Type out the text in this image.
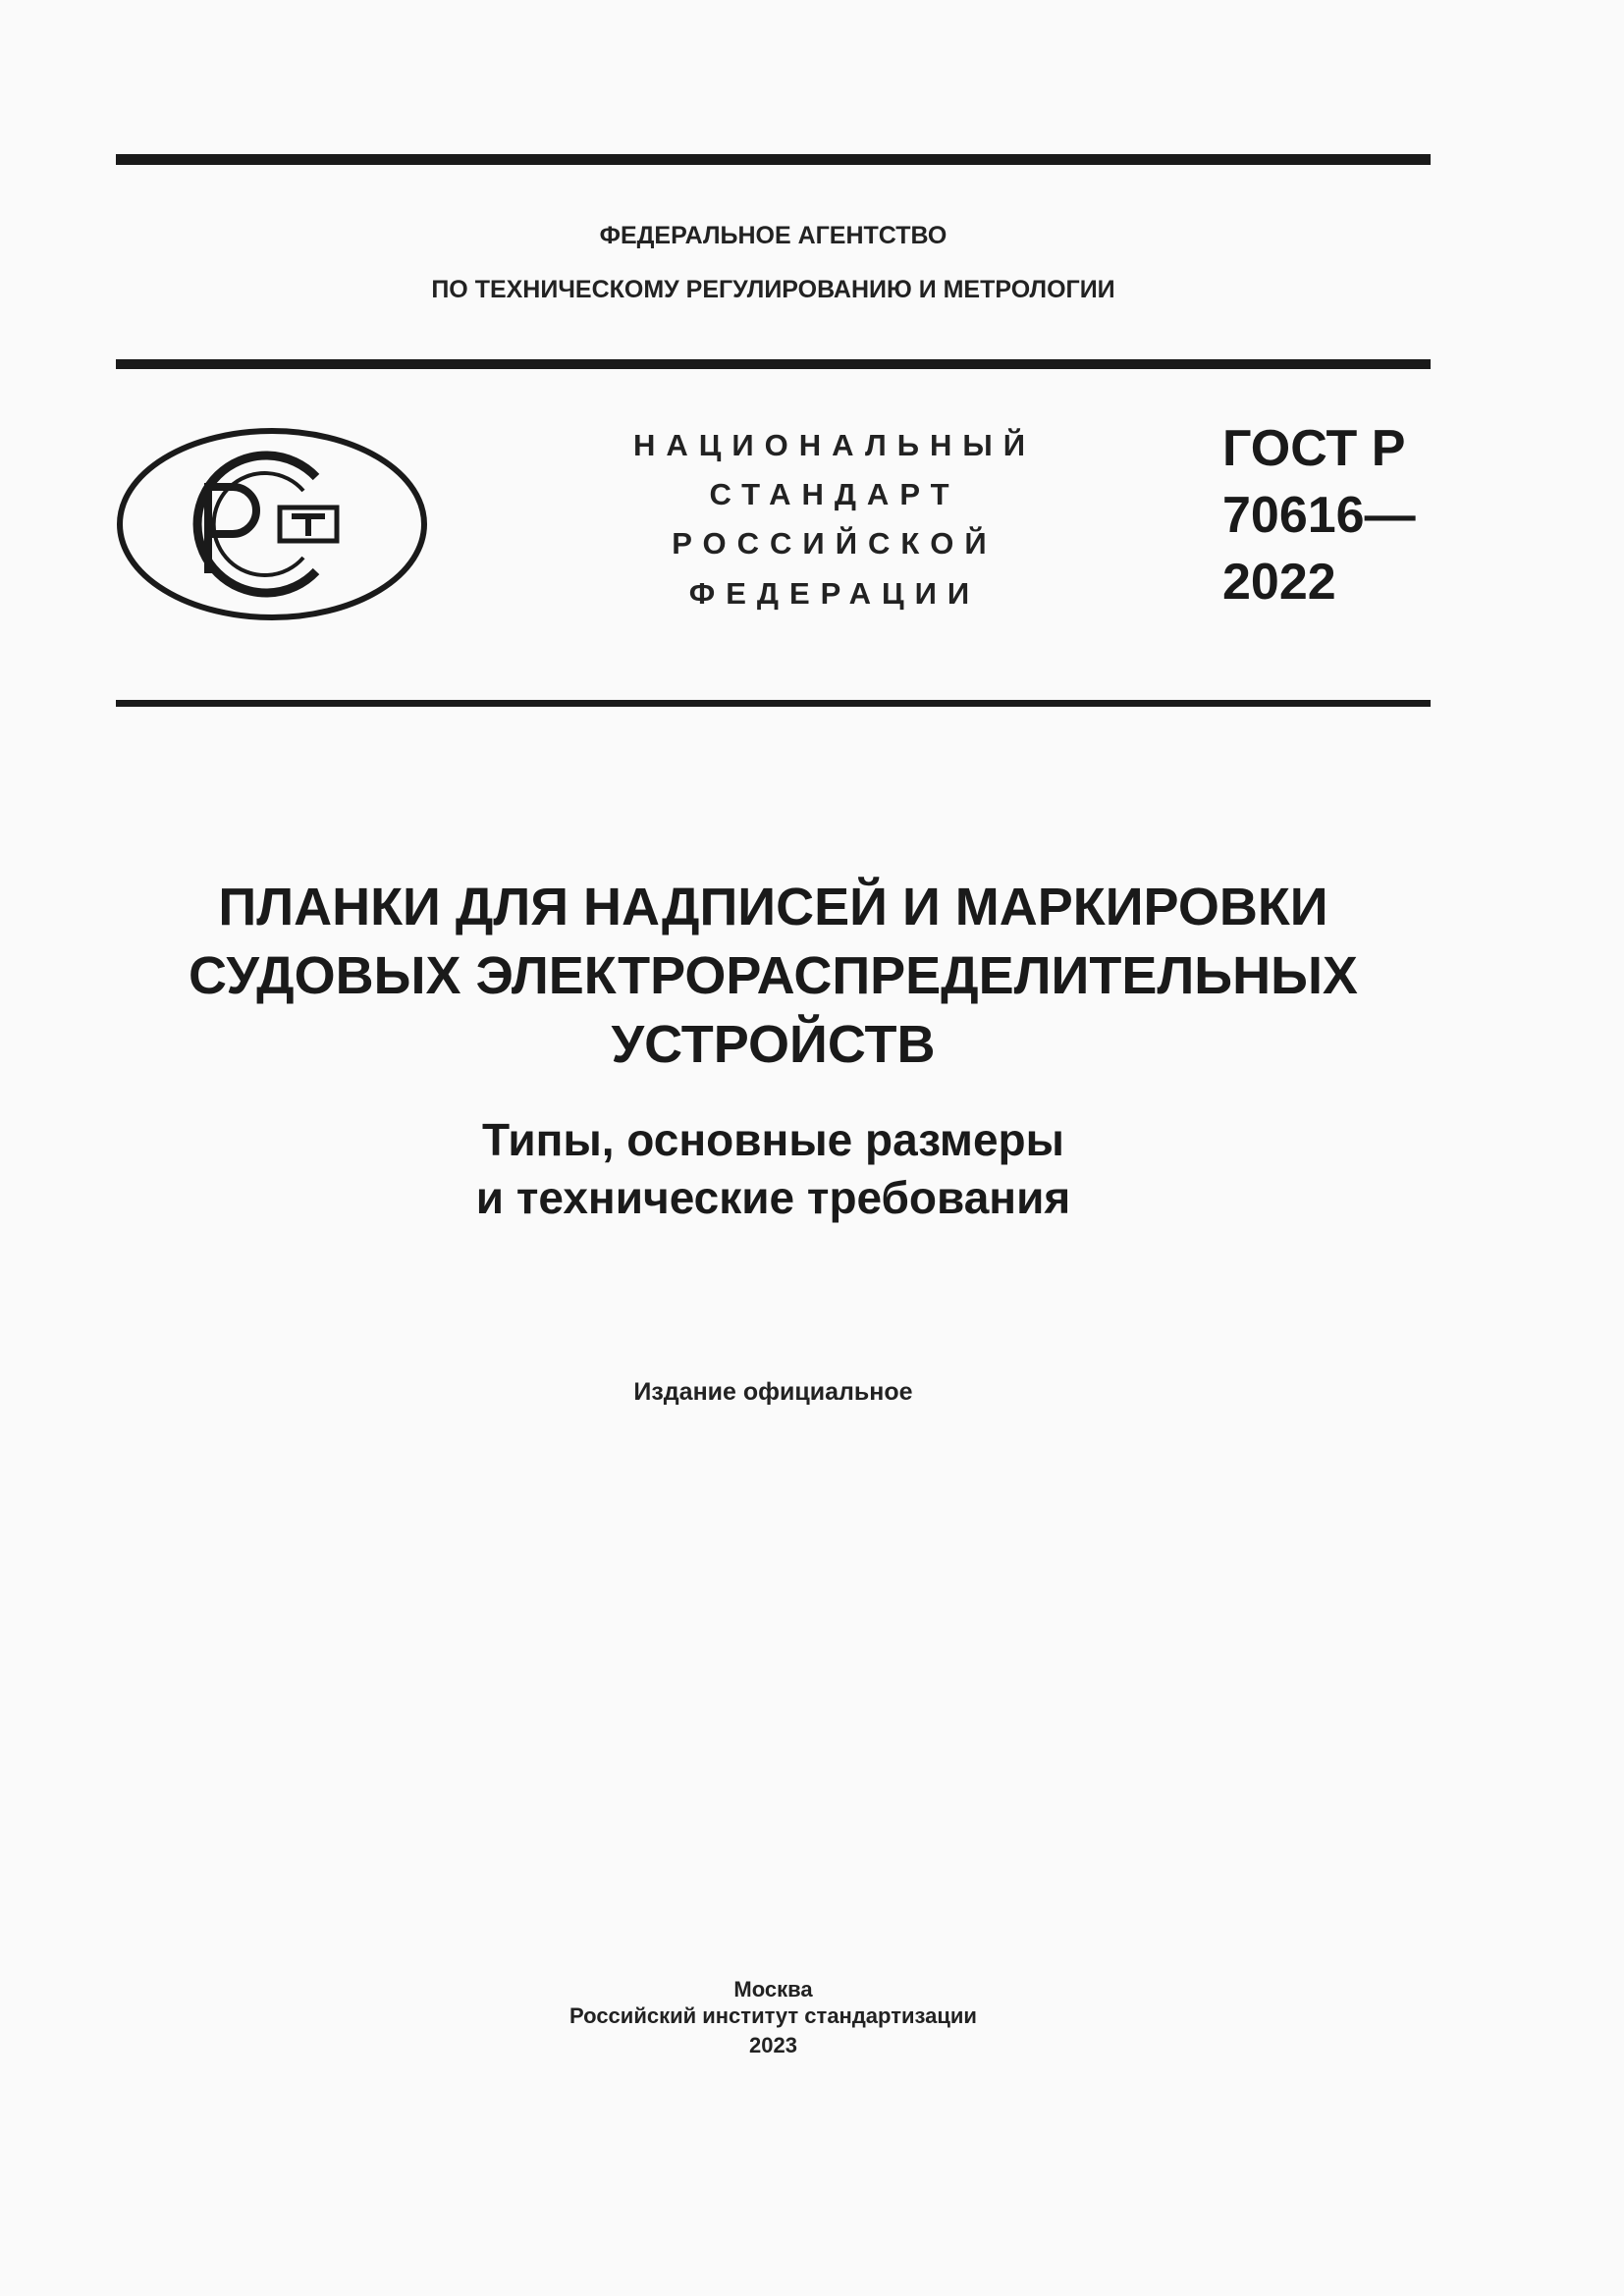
ФЕДЕРАЛЬНОЕ АГЕНТСТВО
ПО ТЕХНИЧЕСКОМУ РЕГУЛИРОВАНИЮ И МЕТРОЛОГИИ
НАЦИОНАЛЬНЫЙ
СТАНДАРТ
РОССИЙСКОЙ
ФЕДЕРАЦИИ
ГОСТ Р
70616—
2022
ПЛАНКИ ДЛЯ НАДПИСЕЙ И МАРКИРОВКИ
СУДОВЫХ ЭЛЕКТРОРАСПРЕДЕЛИТЕЛЬНЫХ
УСТРОЙСТВ
Типы, основные размеры
и технические требования
Издание официальное
Москва
Российский институт стандартизации
2023
